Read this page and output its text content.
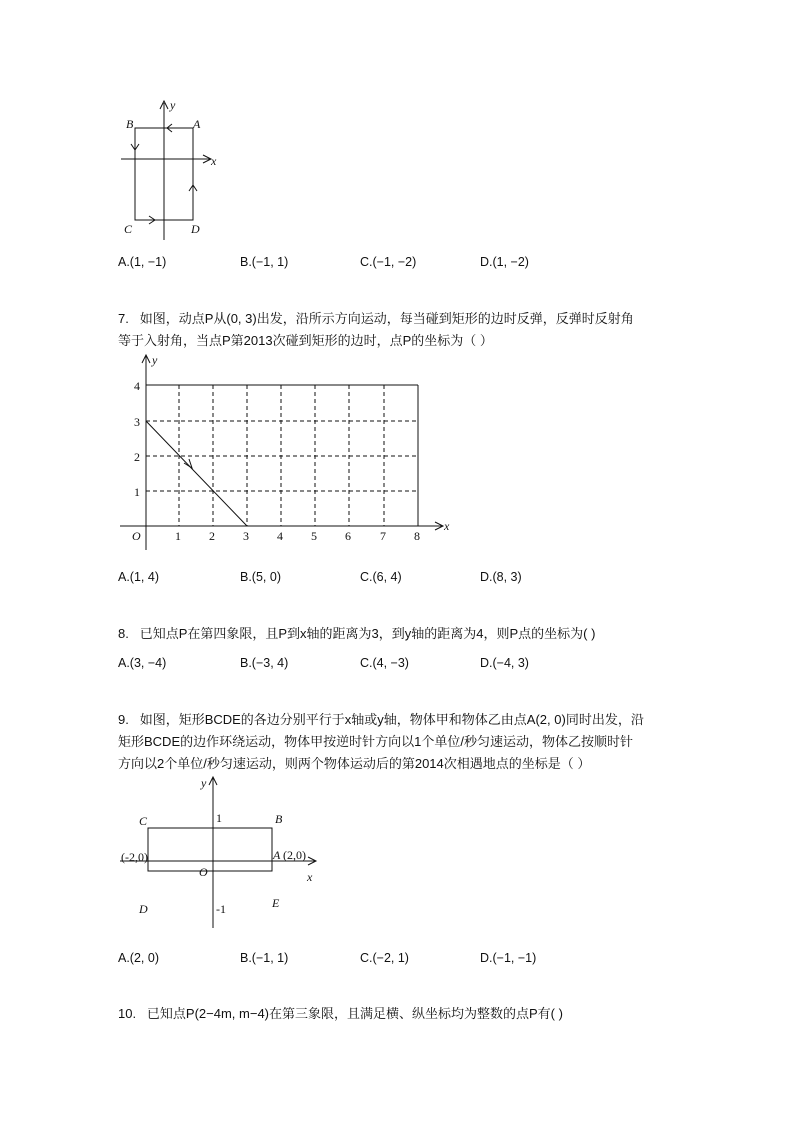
y
x
B	A
C	D
A.(1, −1)	B.(−1, 1)	C.(−1, −2)	D.(1, −2)
7. 如图，动点P从(0, 3)出发，沿所示方向运动，每当碰到矩形的边时反弹，反弹时反射角
等于入射角，当点P第2013次碰到矩形的边时，点P的坐标为（ ）
4
3
2
1
1 2 3 4 5 6 7 8
O
y
x
A.(1, 4)	B.(5, 0)	C.(6, 4)	D.(8, 3)
8. 已知点P在第四象限，且P到x轴的距离为3，到y轴的距离为4，则P点的坐标为( )
A.(3, −4)	B.(−3, 4)	C.(4, −3)	D.(−4, 3)
9. 如图，矩形BCDE的各边分别平行于x轴或y轴，物体甲和物体乙由点A(2, 0)同时出发，沿
矩形BCDE的边作环绕运动，物体甲按逆时针方向以1个单位/秒匀速运动，物体乙按顺时针
方向以2个单位/秒匀速运动，则两个物体运动后的第2014次相遇地点的坐标是（ ）
y
1
C	B
(-2,0)	A (2,0)
O	x
D	-1	E
A.(2, 0)	B.(−1, 1)	C.(−2, 1)	D.(−1, −1)
10. 已知点P(2−4m, m−4)在第三象限，且满足横、纵坐标均为整数的点P有( )
